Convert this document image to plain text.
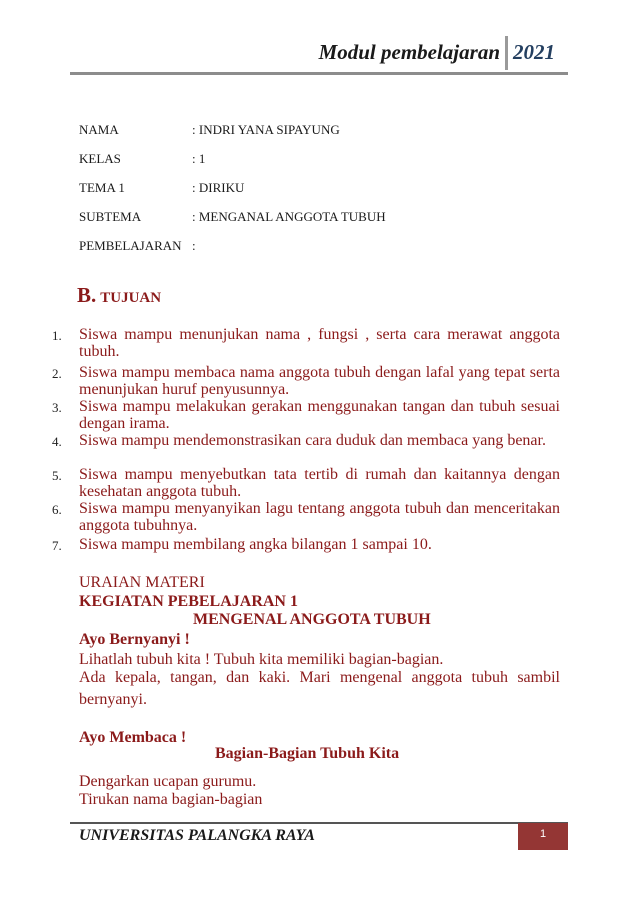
Modul pembelajaran 2021
NAMA	: INDRI YANA SIPAYUNG
KELAS	: 1
TEMA 1	: DIRIKU
SUBTEMA	: MENGANAL ANGGOTA TUBUH
PEMBELAJARAN :
B. TUJUAN
1. Siswa mampu menunjukan nama , fungsi , serta cara merawat anggota tubuh.
2. Siswa mampu membaca nama anggota tubuh dengan lafal yang tepat serta menunjukan huruf penyusunnya.
3. Siswa mampu melakukan gerakan menggunakan tangan dan tubuh sesuai dengan irama.
4. Siswa mampu mendemonstrasikan cara duduk dan membaca yang benar.
5. Siswa mampu menyebutkan tata tertib di rumah dan kaitannya dengan kesehatan anggota tubuh.
6. Siswa mampu menyanyikan lagu tentang anggota tubuh dan menceritakan anggota tubuhnya.
7. Siswa mampu membilang angka bilangan 1 sampai 10.
URAIAN MATERI
KEGIATAN PEBELAJARAN 1
MENGENAL ANGGOTA TUBUH
Ayo Bernyanyi !
Lihatlah tubuh kita ! Tubuh kita memiliki bagian-bagian.
Ada kepala, tangan, dan kaki. Mari mengenal anggota tubuh sambil bernyanyi.
Ayo Membaca !
Bagian-Bagian Tubuh Kita
Dengarkan ucapan gurumu.
Tirukan nama bagian-bagian
UNIVERSITAS PALANGKA RAYA	1
